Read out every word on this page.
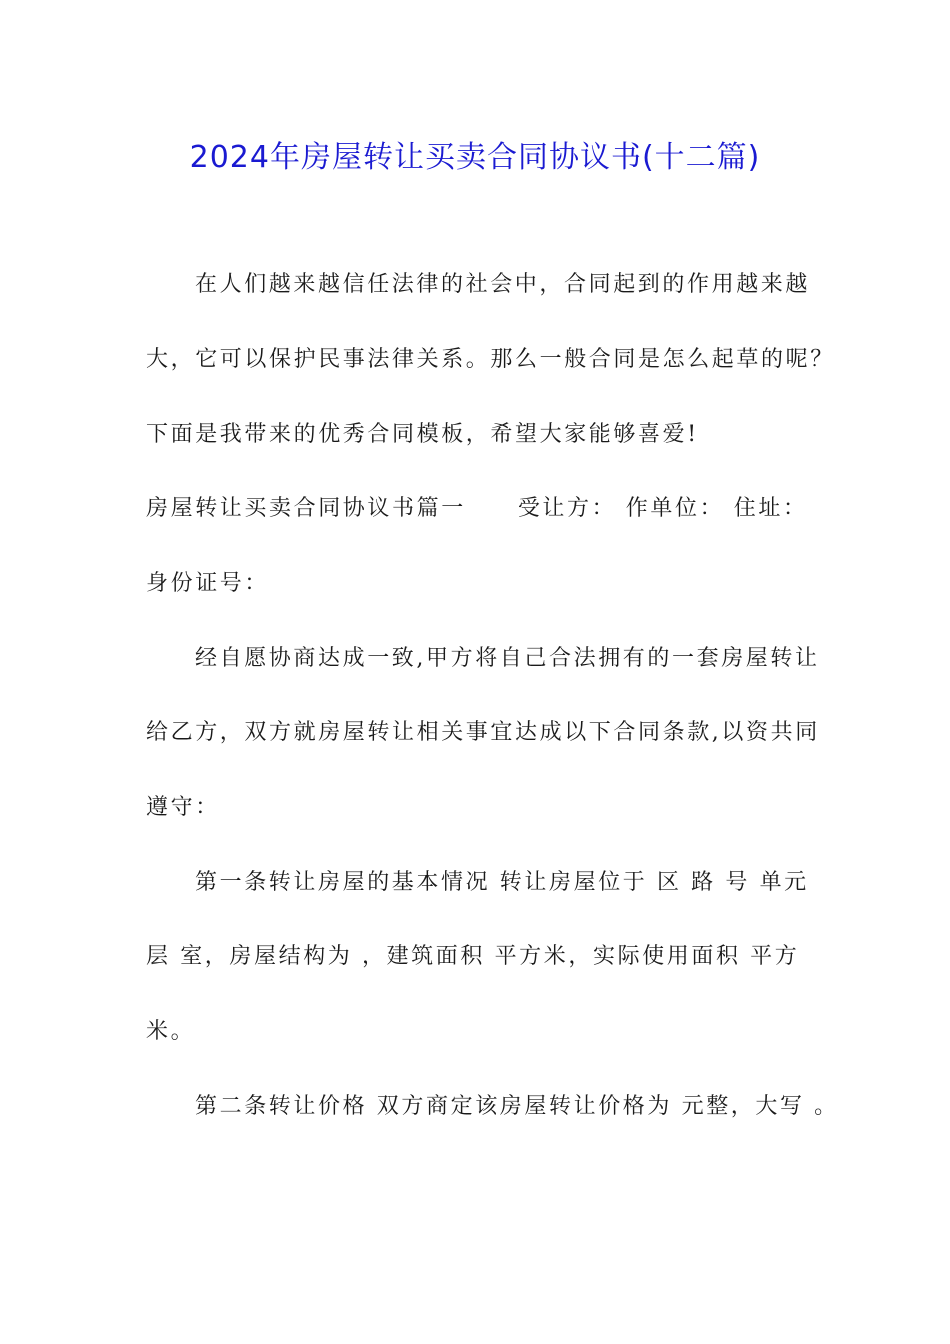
2024年房屋转让买卖合同协议书(十二篇)
在人们越来越信任法律的社会中，合同起到的作用越来越
大，它可以保护民事法律关系。那么一般合同是怎么起草的呢？
下面是我带来的优秀合同模板，希望大家能够喜爱!
房屋转让买卖合同协议书篇一 受让方： 作单位： 住址：
身份证号：
经自愿协商达成一致,甲方将自己合法拥有的一套房屋转让
给乙方，双方就房屋转让相关事宜达成以下合同条款,以资共同
遵守：
第一条转让房屋的基本情况 转让房屋位于 区 路 号 单元
层 室，房屋结构为 ，建筑面积 平方米，实际使用面积 平方
米。
第二条转让价格 双方商定该房屋转让价格为 元整，大写 。
